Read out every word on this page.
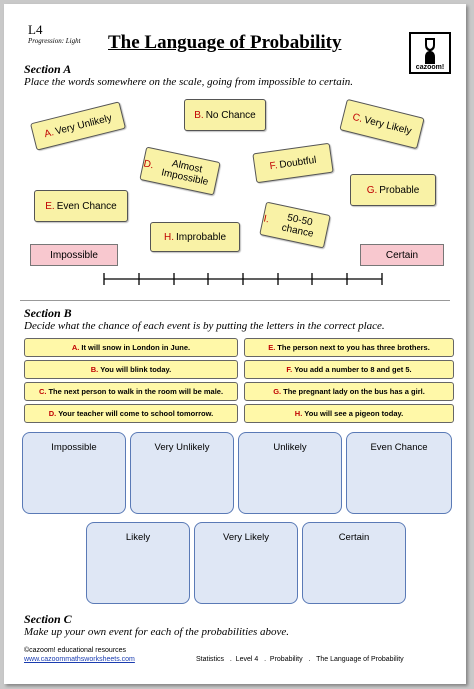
L4
Progression: Light The Language of Probability
cazoom!
Section A
Place the words somewhere on the scale, going from impossible to certain.
A. Very Unlikely	B. No Chance	C. Very Likely
D.	Almost Impossible
F. Doubtful
G. Probable
E. Even Chance
I.	50-50 chance
H. Improbable
Impossible	Certain
Section B
Decide what the chance of each event is by putting the letters in the correct place.
A. It will snow in London in June.
B. You will blink today.
C. The next person to walk in the room will be male.
D. Your teacher will come to school tomorrow.
E. The person next to you has three brothers.
F. You add a number to 8 and get 5.
G. The pregnant lady on the bus has a girl.
H. You will see a pigeon today.
Impossible	Very Unlikely	Unlikely	Even Chance
Likely	Very Likely	Certain
Section C
Make up your own event for each of the probabilities above.
©cazoom! educational resources
www.cazoommathsworksheets.com	Statistics   .  Level 4   .  Probability   .   The Language of Probability
